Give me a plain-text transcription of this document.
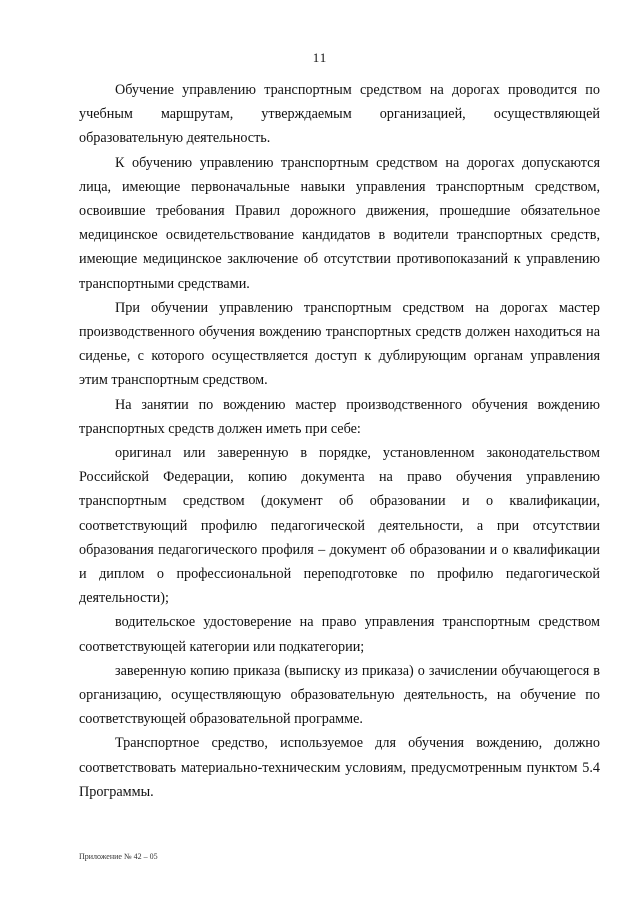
11

Обучение управлению транспортным средством на дорогах проводится по учебным маршрутам, утверждаемым организацией, осуществляющей образовательную деятельность.

К обучению управлению транспортным средством на дорогах допускаются лица, имеющие первоначальные навыки управления транспортным средством, освоившие требования Правил дорожного движения, прошедшие обязательное медицинское освидетельствование кандидатов в водители транспортных средств, имеющие медицинское заключение об отсутствии противопоказаний к управлению транспортными средствами.

При обучении управлению транспортным средством на дорогах мастер производственного обучения вождению транспортных средств должен находиться на сиденье, с которого осуществляется доступ к дублирующим органам управления этим транспортным средством.

На занятии по вождению мастер производственного обучения вождению транспортных средств должен иметь при себе:

оригинал или заверенную в порядке, установленном законодательством Российской Федерации, копию документа на право обучения управлению транспортным средством (документ об образовании и о квалификации, соответствующий профилю педагогической деятельности, а при отсутствии образования педагогического профиля – документ об образовании и о квалификации и диплом о профессиональной переподготовке по профилю педагогической деятельности);

водительское удостоверение на право управления транспортным средством соответствующей категории или подкатегории;

заверенную копию приказа (выписку из приказа) о зачислении обучающегося в организацию, осуществляющую образовательную деятельность, на обучение по соответствующей образовательной программе.

Транспортное средство, используемое для обучения вождению, должно соответствовать материально-техническим условиям, предусмотренным пунктом 5.4 Программы.

Приложение № 42 – 05
